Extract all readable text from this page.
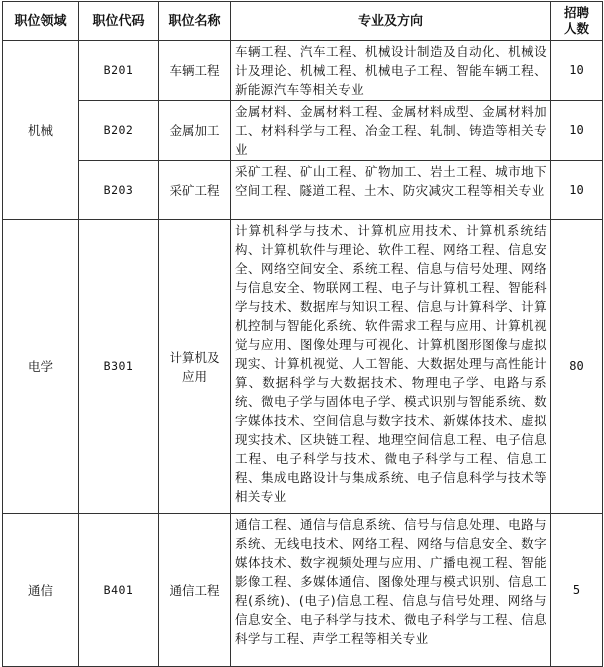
职位领域	职位代码	职位名称	专业及方向	招聘人数
机械	B201	车辆工程	车辆工程、汽车工程、机械设计制造及自动化、机械设计及理论、机械工程、机械电子工程、智能车辆工程、新能源汽车等相关专业	10
	B202	金属加工	金属材料、金属材料工程、金属材料成型、金属材料加工、材料科学与工程、冶金工程、轧制、铸造等相关专业	10
	B203	采矿工程	采矿工程、矿山工程、矿物加工、岩土工程、城市地下空间工程、隧道工程、土木、防灾减灾工程等相关专业	10
电学	B301	计算机及应用	计算机科学与技术、计算机应用技术、计算机系统结构、计算机软件与理论、软件工程、网络工程、信息安全、网络空间安全、系统工程、信息与信号处理、网络与信息安全、物联网工程、电子与计算机工程、智能科学与技术、数据库与知识工程、信息与计算科学、计算机控制与智能化系统、软件需求工程与应用、计算机视觉与应用、图像处理与可视化、计算机图形图像与虚拟现实、计算机视觉、人工智能、大数据处理与高性能计算、数据科学与大数据技术、物理电子学、电路与系统、微电子学与固体电子学、模式识别与智能系统、数字媒体技术、空间信息与数字技术、新媒体技术、虚拟现实技术、区块链工程、地理空间信息工程、电子信息工程、电子科学与技术、微电子科学与工程、信息工程、集成电路设计与集成系统、电子信息科学与技术等相关专业	80
通信	B401	通信工程	通信工程、通信与信息系统、信号与信息处理、电路与系统、无线电技术、网络工程、网络与信息安全、数字媒体技术、数字视频处理与应用、广播电视工程、智能影像工程、多媒体通信、图像处理与模式识别、信息工程(系统)、(电子)信息工程、信息与信号处理、网络与信息安全、电子科学与技术、微电子科学与工程、信息科学与工程、声学工程等相关专业	5
